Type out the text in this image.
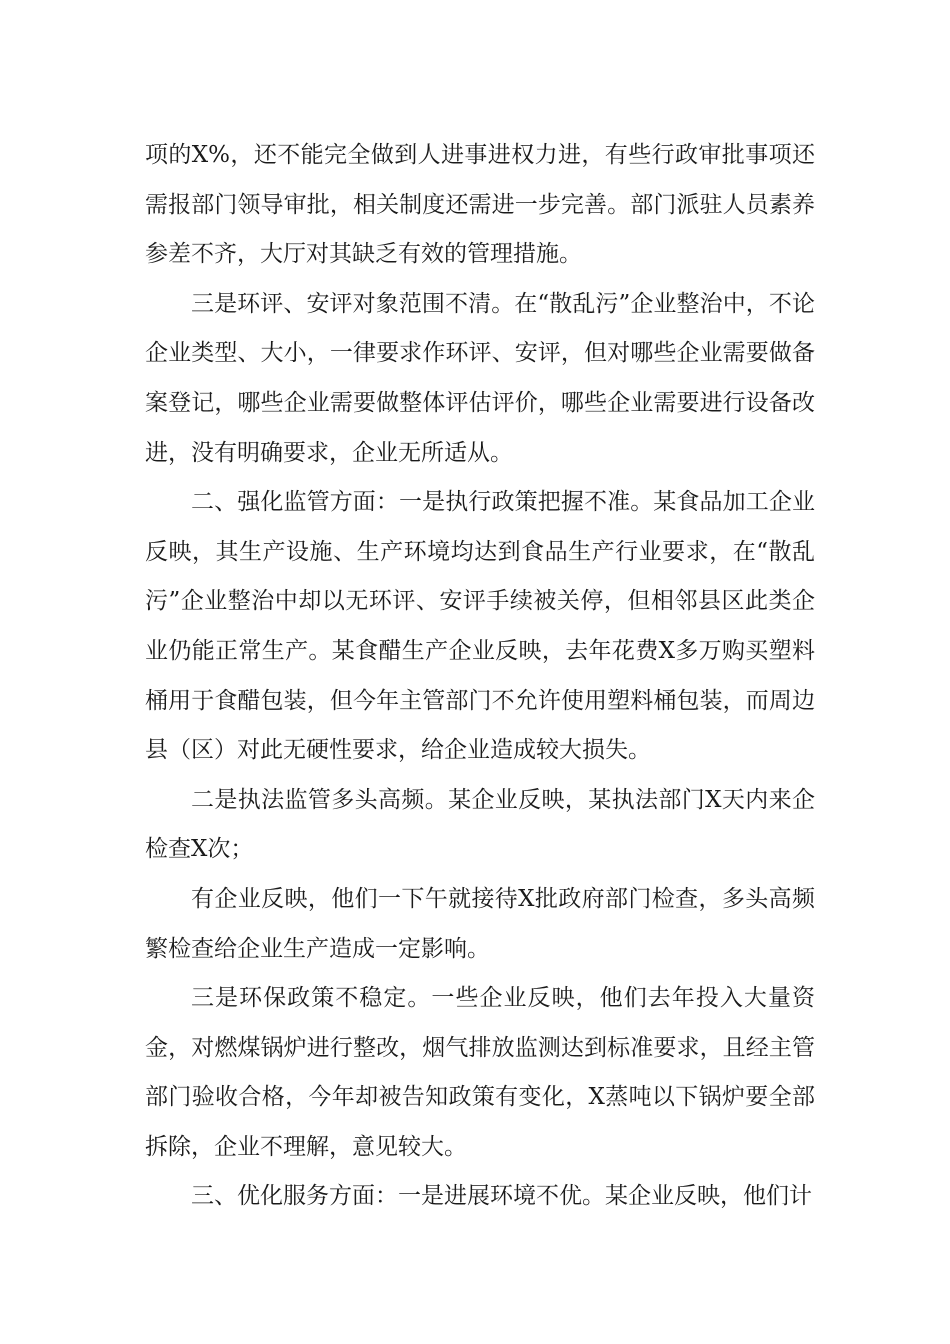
项的X%，还不能完全做到人进事进权力进，有些行政审批事项还需报部门领导审批，相关制度还需进一步完善。部门派驻人员素养参差不齐，大厅对其缺乏有效的管理措施。

三是环评、安评对象范围不清。在“散乱污”企业整治中，不论企业类型、大小，一律要求作环评、安评，但对哪些企业需要做备案登记，哪些企业需要做整体评估评价，哪些企业需要进行设备改进，没有明确要求，企业无所适从。

二、强化监管方面：一是执行政策把握不准。某食品加工企业反映，其生产设施、生产环境均达到食品生产行业要求，在“散乱污”企业整治中却以无环评、安评手续被关停，但相邻县区此类企业仍能正常生产。某食醋生产企业反映，去年花费X多万购买塑料桶用于食醋包装，但今年主管部门不允许使用塑料桶包装，而周边县（区）对此无硬性要求，给企业造成较大损失。

二是执法监管多头高频。某企业反映，某执法部门X天内来企检查X次；

有企业反映，他们一下午就接待X批政府部门检查，多头高频繁检查给企业生产造成一定影响。

三是环保政策不稳定。一些企业反映，他们去年投入大量资金，对燃煤锅炉进行整改，烟气排放监测达到标准要求，且经主管部门验收合格，今年却被告知政策有变化，X蒸吨以下锅炉要全部拆除，企业不理解，意见较大。

三、优化服务方面：一是进展环境不优。某企业反映，他们计
